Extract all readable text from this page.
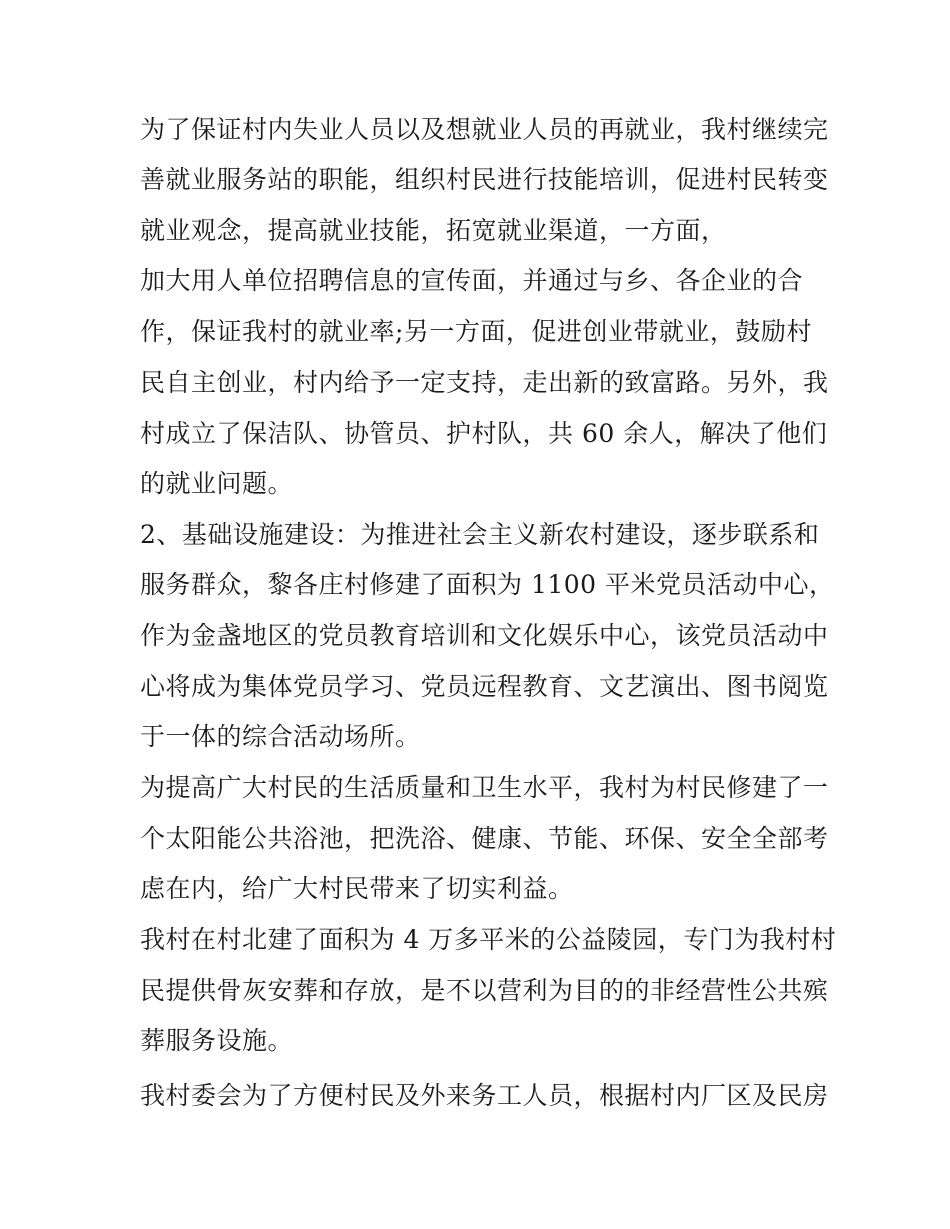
为了保证村内失业人员以及想就业人员的再就业，我村继续完
善就业服务站的职能，组织村民进行技能培训，促进村民转变
就业观念，提高就业技能，拓宽就业渠道，一方面，
加大用人单位招聘信息的宣传面，并通过与乡、各企业的合
作，保证我村的就业率;另一方面，促进创业带就业，鼓励村
民自主创业，村内给予一定支持，走出新的致富路。另外，我
村成立了保洁队、协管员、护村队，共 60 余人，解决了他们
的就业问题。
2、基础设施建设：为推进社会主义新农村建设，逐步联系和
服务群众，黎各庄村修建了面积为 1100 平米党员活动中心，
作为金盏地区的党员教育培训和文化娱乐中心，该党员活动中
心将成为集体党员学习、党员远程教育、文艺演出、图书阅览
于一体的综合活动场所。
为提高广大村民的生活质量和卫生水平，我村为村民修建了一
个太阳能公共浴池，把洗浴、健康、节能、环保、安全全部考
虑在内，给广大村民带来了切实利益。
我村在村北建了面积为 4 万多平米的公益陵园，专门为我村村
民提供骨灰安葬和存放，是不以营利为目的的非经营性公共殡
葬服务设施。
我村委会为了方便村民及外来务工人员，根据村内厂区及民房
